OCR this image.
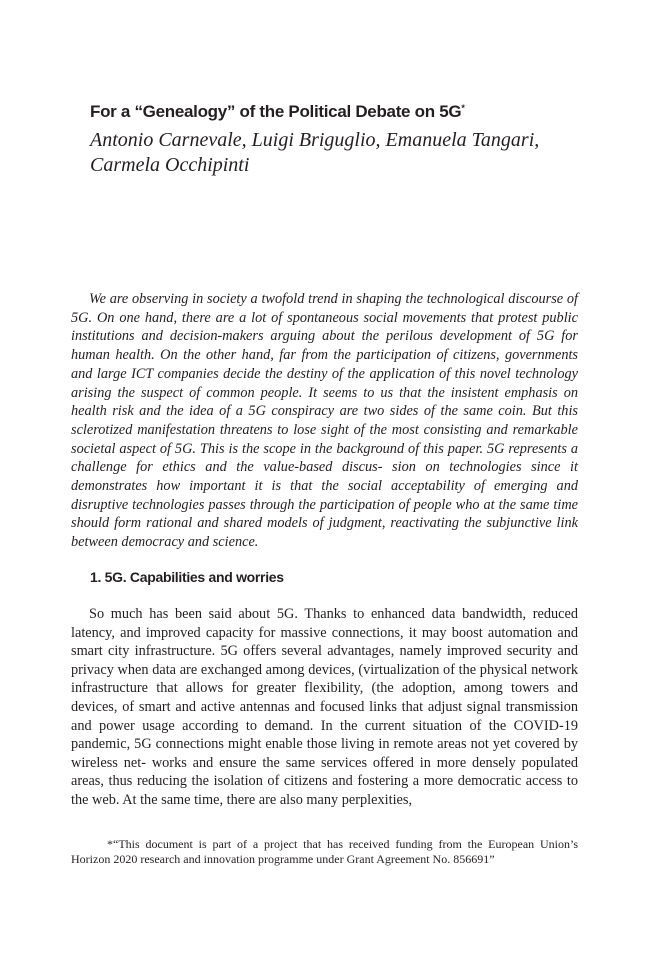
For a “Genealogy” of the Political Debate on 5G*

Antonio Carnevale, Luigi Briguglio, Emanuela Tangari,
Carmela Occhipinti

We are observing in society a twofold trend in shaping the technological discourse of 5G. On one hand, there are a lot of spontaneous social movements that protest public institutions and decision-makers arguing about the perilous development of 5G for human health. On the other hand, far from the participation of citizens, governments and large ICT companies decide the destiny of the application of this novel technology arising the suspect of common people. It seems to us that the insistent emphasis on health risk and the idea of a 5G conspiracy are two sides of the same coin. But this sclerotized manifestation threatens to lose sight of the most consisting and remarkable societal aspect of 5G. This is the scope in the background of this paper. 5G represents a challenge for ethics and the value-based discus- sion on technologies since it demonstrates how important it is that the social acceptability of emerging and disruptive technologies passes through the participation of people who at the same time should form rational and shared models of judgment, reactivating the subjunctive link between democracy and science.

1. 5G. Capabilities and worries

So much has been said about 5G. Thanks to enhanced data bandwidth, reduced latency, and improved capacity for massive connections, it may boost automation and smart city infrastructure. 5G offers several advantages, namely improved security and privacy when data are exchanged among devices, (virtualization of the physical network infrastructure that allows for greater flexibility, (the adoption, among towers and devices, of smart and active antennas and focused links that adjust signal transmission and power usage according to demand. In the current situation of the COVID-19 pandemic, 5G connections might enable those living in remote areas not yet covered by wireless net- works and ensure the same services offered in more densely populated areas, thus reducing the isolation of citizens and fostering a more democratic access to the web. At the same time, there are also many perplexities,

*“This document is part of a project that has received funding from the European Union’s Horizon 2020 research and innovation programme under Grant Agreement No. 856691”
